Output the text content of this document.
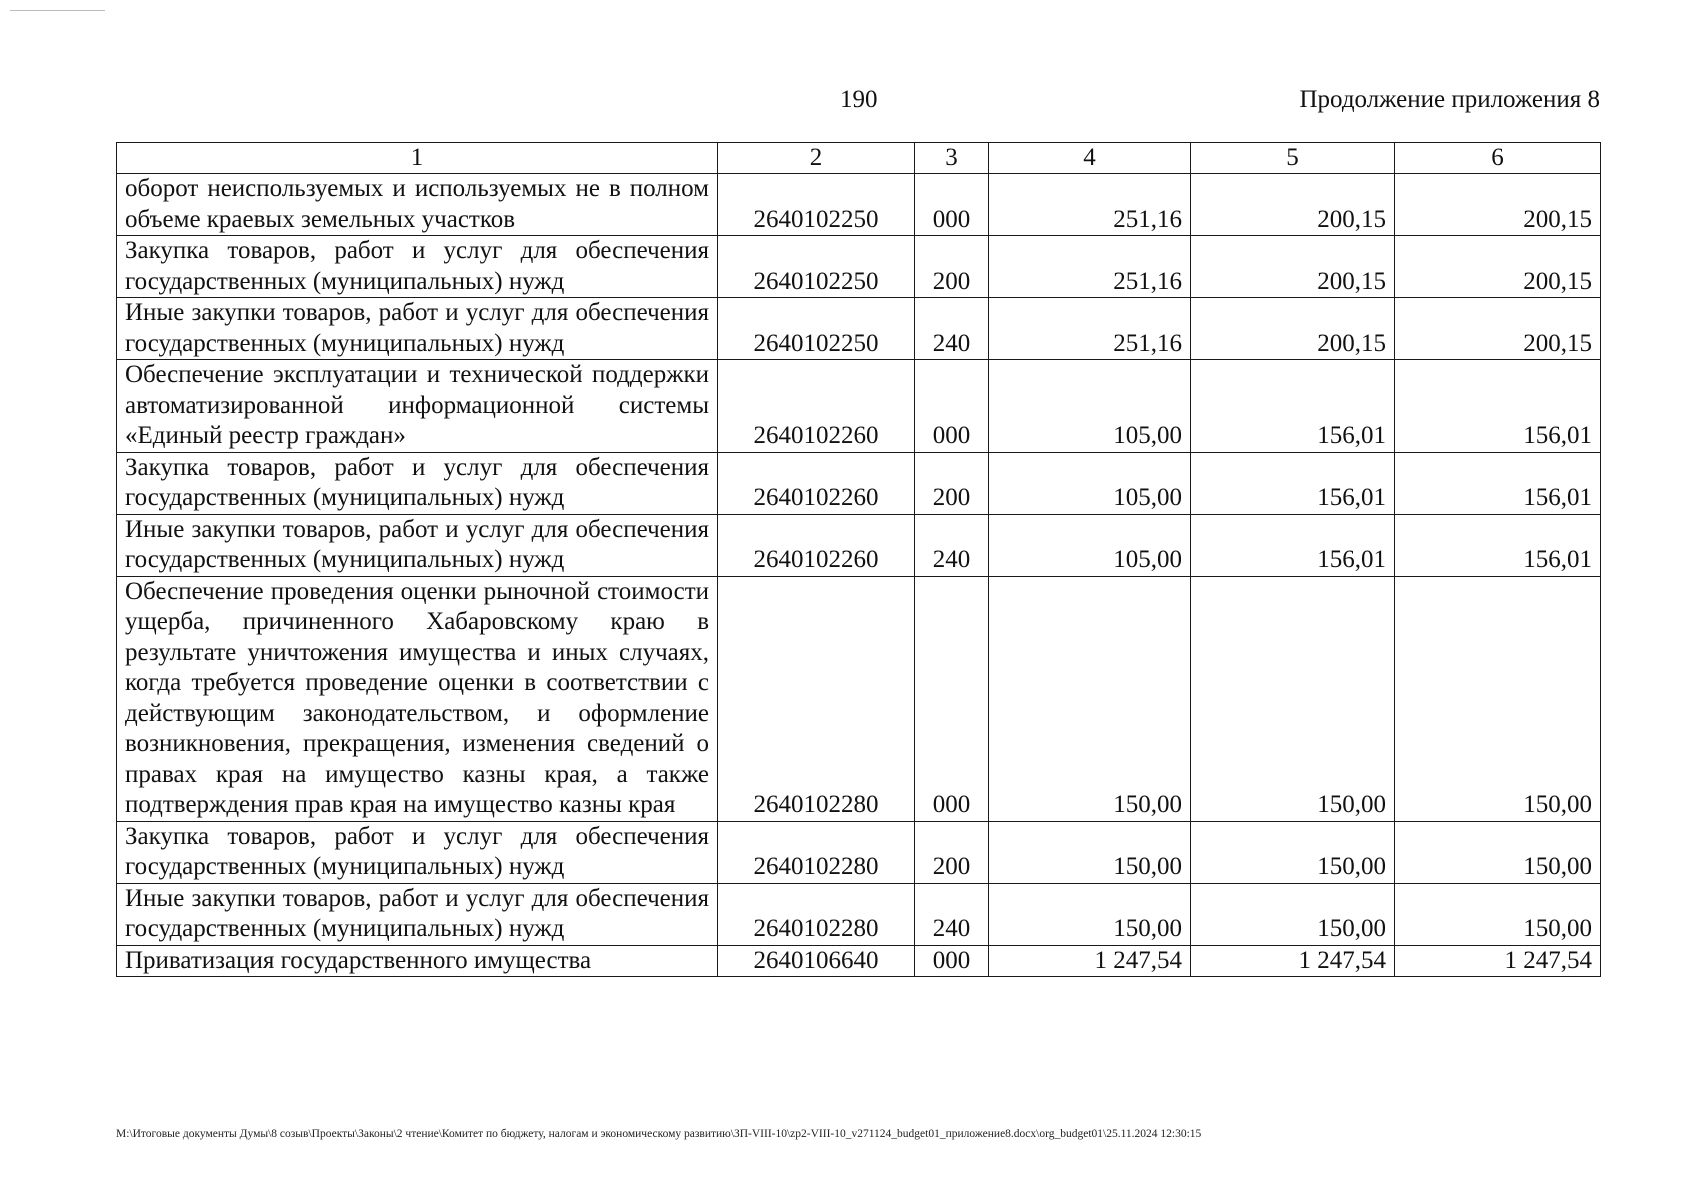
190	Продолжение приложения 8
1	2	3	4	5	6
оборот неиспользуемых и используемых не в полном объеме краевых земельных участков	2640102250	000	251,16	200,15	200,15
Закупка товаров, работ и услуг для обеспечения государственных (муниципальных) нужд	2640102250	200	251,16	200,15	200,15
Иные закупки товаров, работ и услуг для обеспечения государственных (муниципальных) нужд	2640102250	240	251,16	200,15	200,15
Обеспечение эксплуатации и технической поддержки автоматизированной информационной системы «Единый реестр граждан»	2640102260	000	105,00	156,01	156,01
Закупка товаров, работ и услуг для обеспечения государственных (муниципальных) нужд	2640102260	200	105,00	156,01	156,01
Иные закупки товаров, работ и услуг для обеспечения государственных (муниципальных) нужд	2640102260	240	105,00	156,01	156,01
Обеспечение проведения оценки рыночной стоимости ущерба, причиненного Хабаровскому краю в результате уничтожения имущества и иных случаях, когда требуется проведение оценки в соответствии с действующим законодательством, и оформление возникновения, прекращения, изменения сведений о правах края на имущество казны края, а также подтверждения прав края на имущество казны края	2640102280	000	150,00	150,00	150,00
Закупка товаров, работ и услуг для обеспечения государственных (муниципальных) нужд	2640102280	200	150,00	150,00	150,00
Иные закупки товаров, работ и услуг для обеспечения государственных (муниципальных) нужд	2640102280	240	150,00	150,00	150,00
Приватизация государственного имущества	2640106640	000	1 247,54	1 247,54	1 247,54
M:\Итоговые документы Думы\8 созыв\Проекты\Законы\2 чтение\Комитет по бюджету, налогам и экономическому развитию\ЗП-VIII-10\zp2-VIII-10_v271124_budget01_приложение8.docx\org_budget01\25.11.2024 12:30:15
